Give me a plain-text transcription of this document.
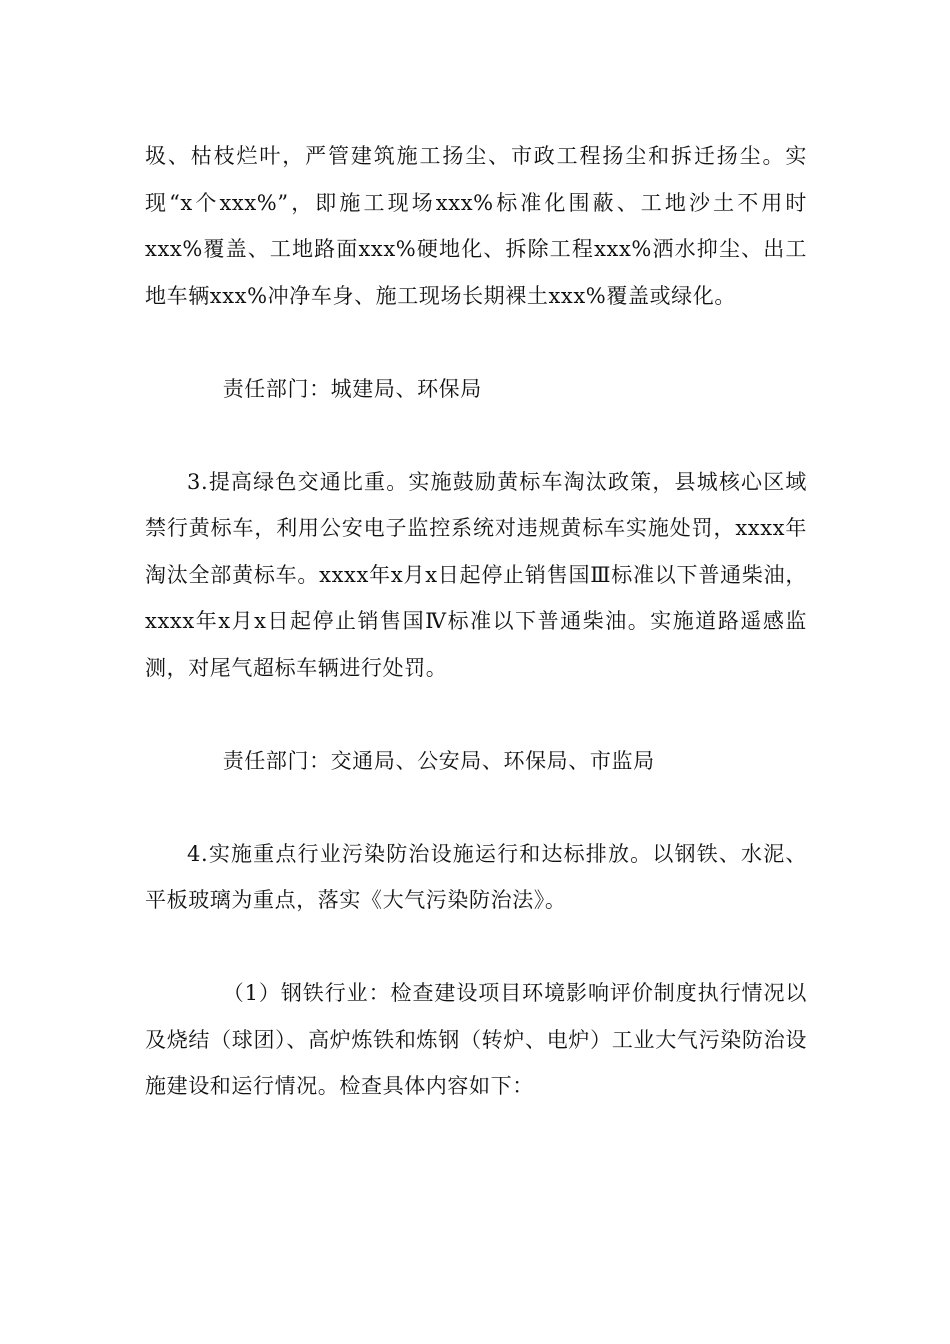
圾、枯枝烂叶，严管建筑施工扬尘、市政工程扬尘和拆迁扬尘。实现“x个xxx%”，即施工现场xxx%标准化围蔽、工地沙土不用时xxx%覆盖、工地路面xxx%硬地化、拆除工程xxx%洒水抑尘、出工地车辆xxx%冲净车身、施工现场长期裸土xxx%覆盖或绿化。

责任部门：城建局、环保局

3.提高绿色交通比重。实施鼓励黄标车淘汰政策，县城核心区域禁行黄标车，利用公安电子监控系统对违规黄标车实施处罚，xxxx年淘汰全部黄标车。xxxx年x月x日起停止销售国Ⅲ标准以下普通柴油，xxxx年x月x日起停止销售国Ⅳ标准以下普通柴油。实施道路遥感监测，对尾气超标车辆进行处罚。

责任部门：交通局、公安局、环保局、市监局

4.实施重点行业污染防治设施运行和达标排放。以钢铁、水泥、平板玻璃为重点，落实《大气污染防治法》。

（1）钢铁行业：检查建设项目环境影响评价制度执行情况以及烧结（球团）、高炉炼铁和炼钢（转炉、电炉）工业大气污染防治设施建设和运行情况。检查具体内容如下：
